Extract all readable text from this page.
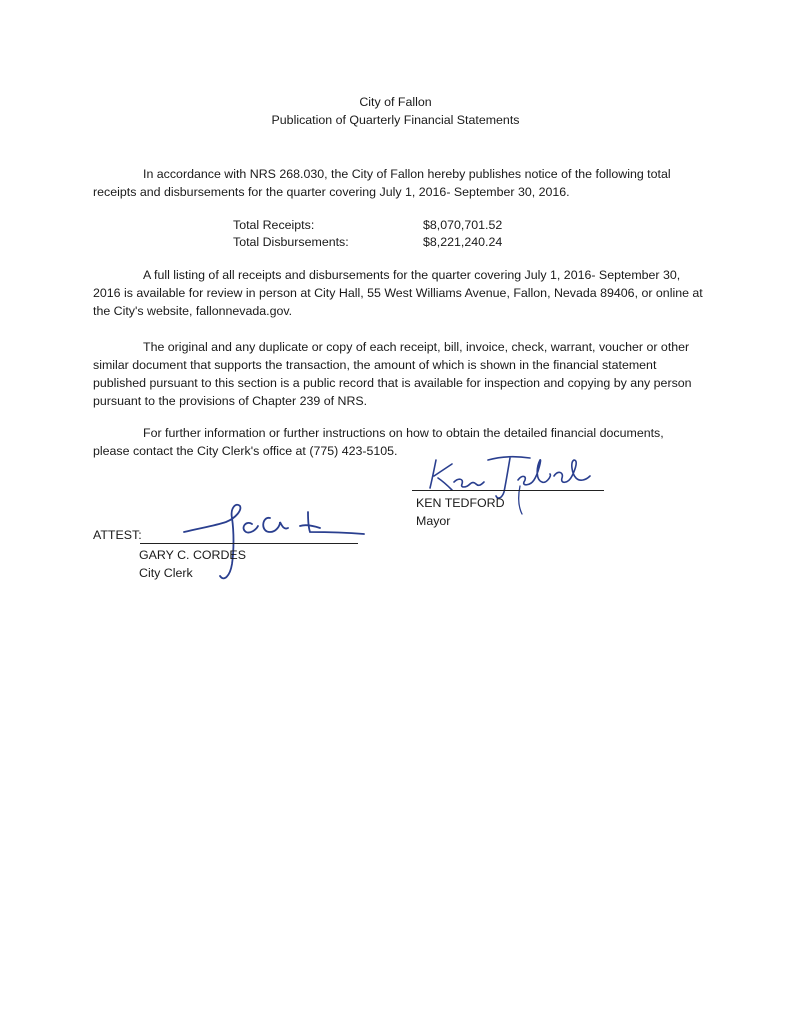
City of Fallon
Publication of Quarterly Financial Statements
In accordance with NRS 268.030, the City of Fallon hereby publishes notice of the following total receipts and disbursements for the quarter covering July 1, 2016- September 30, 2016.
Total Receipts:	$8,070,701.52
Total Disbursements:	$8,221,240.24
A full listing of all receipts and disbursements for the quarter covering July 1, 2016- September 30, 2016 is available for review in person at City Hall, 55 West Williams Avenue, Fallon, Nevada 89406, or online at the City's website, fallonnevada.gov.
The original and any duplicate or copy of each receipt, bill, invoice, check, warrant, voucher or other similar document that supports the transaction, the amount of which is shown in the financial statement published pursuant to this section is a public record that is available for inspection and copying by any person pursuant to the provisions of Chapter 239 of NRS.
For further information or further instructions on how to obtain the detailed financial documents, please contact the City Clerk's office at (775) 423-5105.
KEN TEDFORD
Mayor
ATTEST:
GARY C. CORDES
City Clerk
